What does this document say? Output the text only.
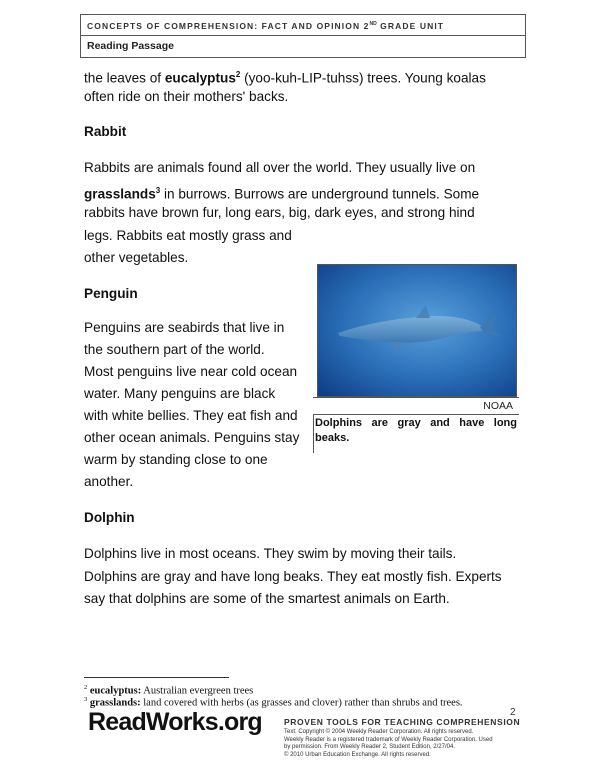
CONCEPTS OF COMPREHENSION: FACT AND OPINION 2ND GRADE UNIT
Reading Passage
the leaves of eucalyptus$^2$ (yoo-kuh-LIP-tuhss) trees. Young koalas
often ride on their mothers' backs.
Rabbit
Rabbits are animals found all over the world. They usually live on
grasslands$^3$ in burrows. Burrows are underground tunnels. Some
rabbits have brown fur, long ears, big, dark eyes, and strong hind
legs. Rabbits eat mostly grass and
other vegetables.
Penguin
Penguins are seabirds that live in
the southern part of the world.
Most penguins live near cold ocean
water. Many penguins are black
with white bellies. They eat fish and
other ocean animals. Penguins stay
warm by standing close to one
another.
NOAA
Dolphins are gray and have long beaks.
Dolphin
Dolphins live in most oceans. They swim by moving their tails.
Dolphins are gray and have long beaks. They eat mostly fish. Experts
say that dolphins are some of the smartest animals on Earth.
$^2$ eucalyptus: Australian evergreen trees
$^3$ grasslands: land covered with herbs (as grasses and clover) rather than shrubs and trees.
2
ReadWorks.org	PROVEN TOOLS FOR TEACHING COMPREHENSION
Text: Copyright © 2004 Weekly Reader Corporation. All rights reserved.
Weekly Reader is a registered trademark of Weekly Reader Corporation. Used
by permission. From Weekly Reader 2, Student Edition, 2/27/04.
© 2010 Urban Education Exchange. All rights reserved.
